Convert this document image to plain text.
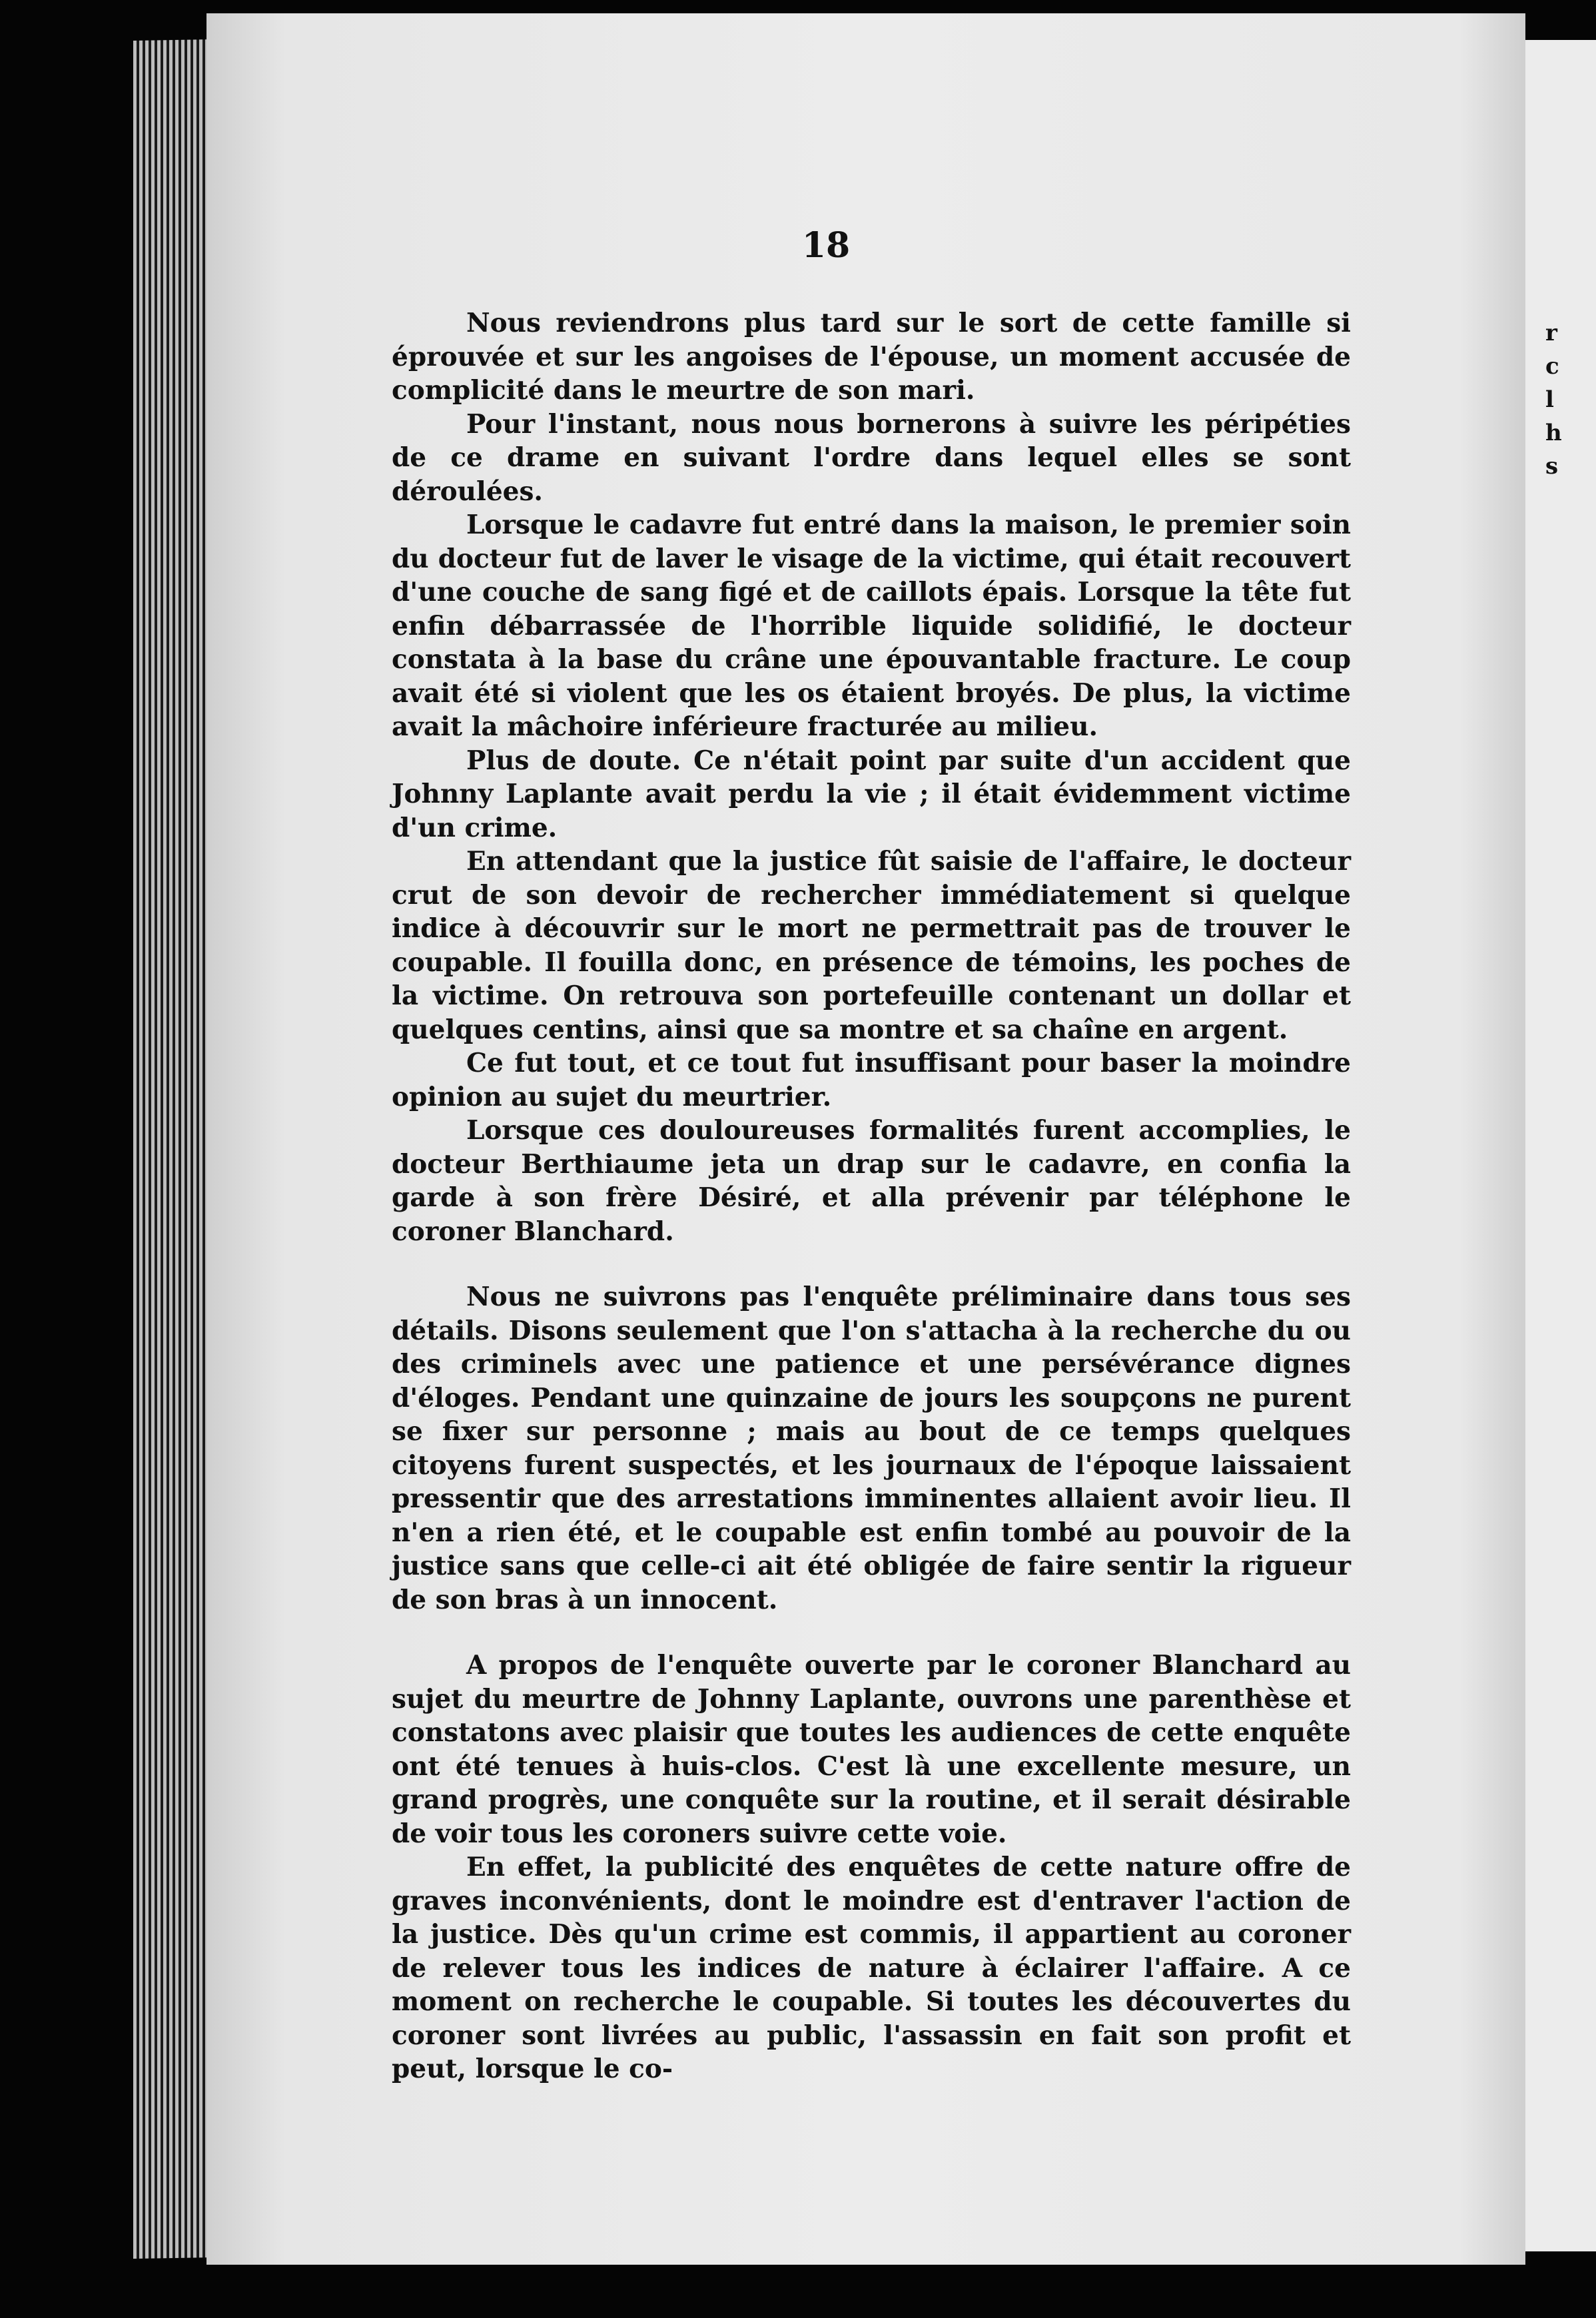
18

Nous reviendrons plus tard sur le sort de cette famille si éprouvée et sur les angoises de l'épouse, un moment accusée de complicité dans le meurtre de son mari.

Pour l'instant, nous nous bornerons à suivre les péripéties de ce drame en suivant l'ordre dans lequel elles se sont déroulées.

Lorsque le cadavre fut entré dans la maison, le premier soin du docteur fut de laver le visage de la victime, qui était recouvert d'une couche de sang figé et de caillots épais. Lorsque la tête fut enfin débarrassée de l'horrible liquide solidifié, le docteur constata à la base du crâne une épouvantable fracture. Le coup avait été si violent que les os étaient broyés. De plus, la victime avait la mâchoire inférieure fracturée au milieu.

Plus de doute. Ce n'était point par suite d'un accident que Johnny Laplante avait perdu la vie ; il était évidemment victime d'un crime.

En attendant que la justice fût saisie de l'affaire, le docteur crut de son devoir de rechercher immédiatement si quelque indice à découvrir sur le mort ne permettrait pas de trouver le coupable. Il fouilla donc, en présence de témoins, les poches de la victime. On retrouva son portefeuille contenant un dollar et quelques centins, ainsi que sa montre et sa chaîne en argent.

Ce fut tout, et ce tout fut insuffisant pour baser la moindre opinion au sujet du meurtrier.

Lorsque ces douloureuses formalités furent accomplies, le docteur Berthiaume jeta un drap sur le cadavre, en confia la garde à son frère Désiré, et alla prévenir par téléphone le coroner Blanchard.

Nous ne suivrons pas l'enquête préliminaire dans tous ses détails. Disons seulement que l'on s'attacha à la recherche du ou des criminels avec une patience et une persévérance dignes d'éloges. Pendant une quinzaine de jours les soupçons ne purent se fixer sur personne ; mais au bout de ce temps quelques citoyens furent suspectés, et les journaux de l'époque laissaient pressentir que des arrestations imminentes allaient avoir lieu. Il n'en a rien été, et le coupable est enfin tombé au pouvoir de la justice sans que celle-ci ait été obligée de faire sentir la rigueur de son bras à un innocent.

A propos de l'enquête ouverte par le coroner Blanchard au sujet du meurtre de Johnny Laplante, ouvrons une parenthèse et constatons avec plaisir que toutes les audiences de cette enquête ont été tenues à huis-clos. C'est là une excellente mesure, un grand progrès, une conquête sur la routine, et il serait désirable de voir tous les coroners suivre cette voie.

En effet, la publicité des enquêtes de cette nature offre de graves inconvénients, dont le moindre est d'entraver l'action de la justice. Dès qu'un crime est commis, il appartient au coroner de relever tous les indices de nature à éclairer l'affaire. A ce moment on recherche le coupable. Si toutes les découvertes du coroner sont livrées au public, l'assassin en fait son profit et peut, lorsque le co-

r
c
l
h
s
